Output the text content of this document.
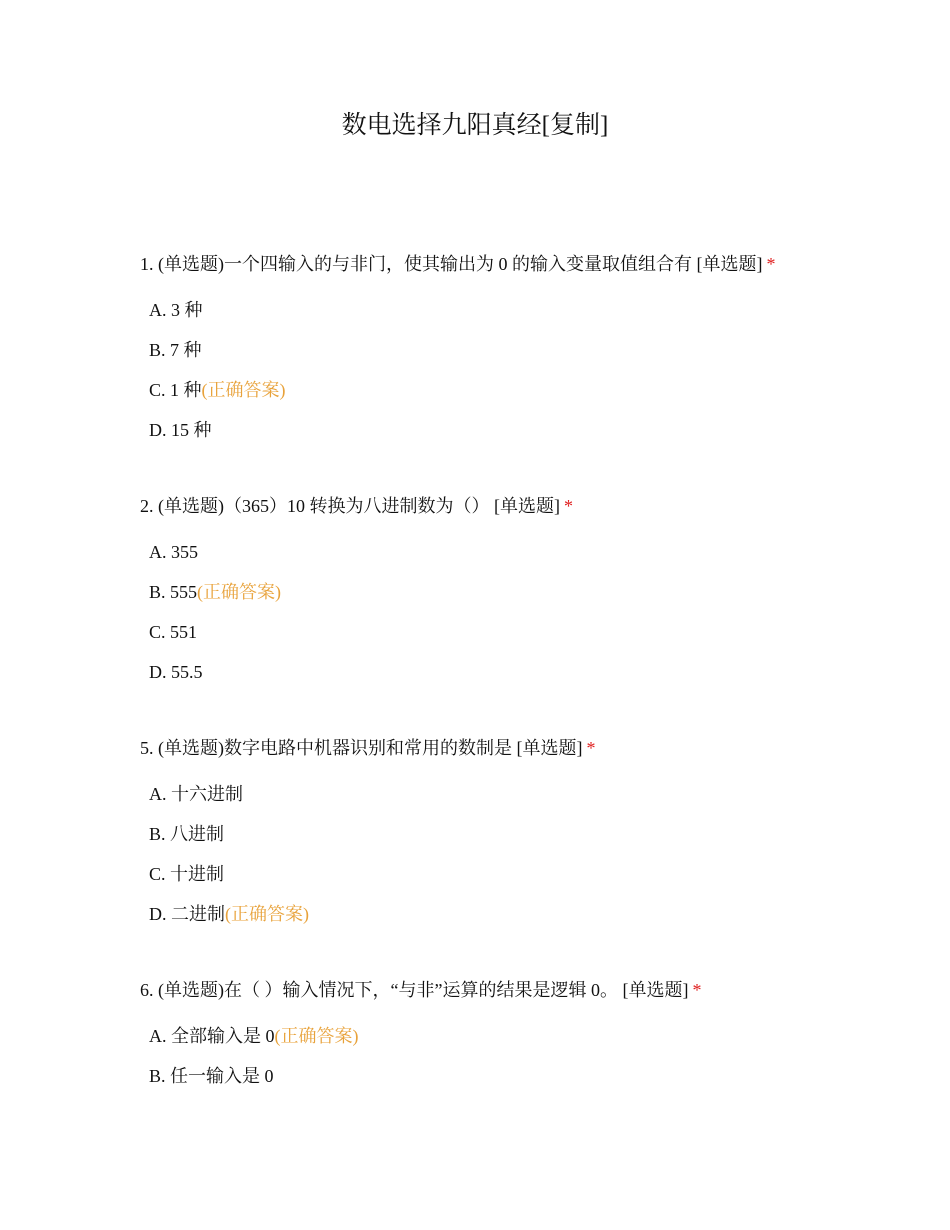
数电选择九阳真经[复制]
1. (单选题)一个四输入的与非门，使其输出为 0 的输入变量取值组合有 [单选题] *
A. 3 种
B. 7 种
C. 1 种(正确答案)
D. 15 种
2. (单选题)（365）10 转换为八进制数为（） [单选题] *
A. 355
B. 555(正确答案)
C. 551
D. 55.5
5. (单选题)数字电路中机器识别和常用的数制是 [单选题] *
A. 十六进制
B. 八进制
C. 十进制
D. 二进制(正确答案)
6. (单选题)在（ ）输入情况下，“与非”运算的结果是逻辑 0。 [单选题] *
A. 全部输入是 0(正确答案)
B. 任一输入是 0
